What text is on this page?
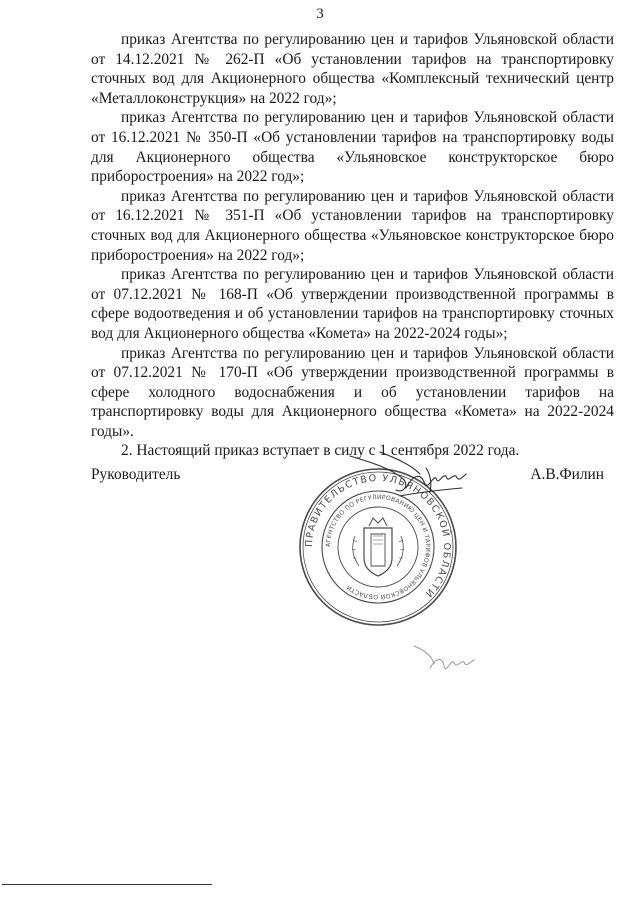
3

приказ Агентства по регулированию цен и тарифов Ульяновской области от 14.12.2021 № 262-П «Об установлении тарифов на транспортировку сточных вод для Акционерного общества «Комплексный технический центр «Металлоконструкция» на 2022 год»;

приказ Агентства по регулированию цен и тарифов Ульяновской области от 16.12.2021 № 350-П «Об установлении тарифов на транспортировку воды для Акционерного общества «Ульяновское конструкторское бюро приборостроения» на 2022 год»;

приказ Агентства по регулированию цен и тарифов Ульяновской области от 16.12.2021 № 351-П «Об установлении тарифов на транспортировку сточных вод для Акционерного общества «Ульяновское конструкторское бюро приборостроения» на 2022 год»;

приказ Агентства по регулированию цен и тарифов Ульяновской области от 07.12.2021 № 168-П «Об утверждении производственной программы в сфере водоотведения и об установлении тарифов на транспортировку сточных вод для Акционерного общества «Комета» на 2022-2024 годы»;

приказ Агентства по регулированию цен и тарифов Ульяновской области от 07.12.2021 № 170-П «Об утверждении производственной программы в сфере холодного водоснабжения и об установлении тарифов на транспортировку воды для Акционерного общества «Комета» на 2022-2024 годы».

2. Настоящий приказ вступает в силу с 1 сентября 2022 года.

Руководитель	А.В.Филин
ПРАВИТЕЛЬСТВО УЛЬЯНОВСКОЙ ОБЛАСТИ
АГЕНТСТВО ПО РЕГУЛИРОВАНИЮ ЦЕН И ТАРИФОВ УЛЬЯНОВСКОЙ ОБЛАСТИ
